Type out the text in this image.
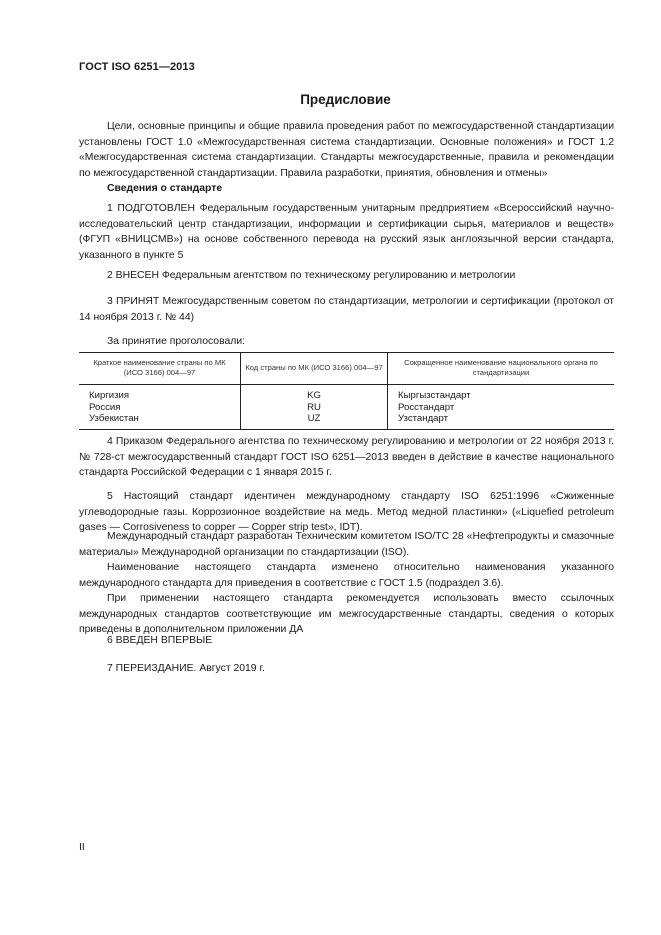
ГОСТ ISO 6251—2013
Предисловие

Цели, основные принципы и общие правила проведения работ по межгосударственной стандартизации установлены ГОСТ 1.0 «Межгосударственная система стандартизации. Основные положения» и ГОСТ 1.2 «Межгосударственная система стандартизации. Стандарты межгосударственные, правила и рекомендации по межгосударственной стандартизации. Правила разработки, принятия, обновления и отмены»

Сведения о стандарте

1 ПОДГОТОВЛЕН Федеральным государственным унитарным предприятием «Всероссийский научно-исследовательский центр стандартизации, информации и сертификации сырья, материалов и веществ» (ФГУП «ВНИЦСМВ») на основе собственного перевода на русский язык англоязычной версии стандарта, указанного в пункте 5

2 ВНЕСЕН Федеральным агентством по техническому регулированию и метрологии

3 ПРИНЯТ Межгосударственным советом по стандартизации, метрологии и сертификации (протокол от 14 ноября 2013 г. № 44)

За принятие проголосовали:

Краткое наименование страны по МК (ИСО 3166) 004—97	Код страны по МК (ИСО 3166) 004—97	Сокращенное наименование национального органа по стандартизации
Киргизия	KG	Кыргызстандарт
Россия	RU	Росстандарт
Узбекистан	UZ	Узстандарт

4 Приказом Федерального агентства по техническому регулированию и метрологии от 22 ноября 2013 г. № 728-ст межгосударственный стандарт ГОСТ ISO 6251—2013 введен в действие в качестве национального стандарта Российской Федерации с 1 января 2015 г.

5 Настоящий стандарт идентичен международному стандарту ISO 6251:1996 «Сжиженные углеводородные газы. Коррозионное воздействие на медь. Метод медной пластинки» («Liquefied petroleum gases — Corrosiveness to copper — Copper strip test», IDT).

Международный стандарт разработан Техническим комитетом ISO/TC 28 «Нефтепродукты и смазочные материалы» Международной организации по стандартизации (ISO).

Наименование настоящего стандарта изменено относительно наименования указанного международного стандарта для приведения в соответствие с ГОСТ 1.5 (подраздел 3.6).

При применении настоящего стандарта рекомендуется использовать вместо ссылочных международных стандартов соответствующие им межгосударственные стандарты, сведения о которых приведены в дополнительном приложении ДА

6 ВВЕДЕН ВПЕРВЫЕ

7 ПЕРЕИЗДАНИЕ. Август 2019 г.

II
